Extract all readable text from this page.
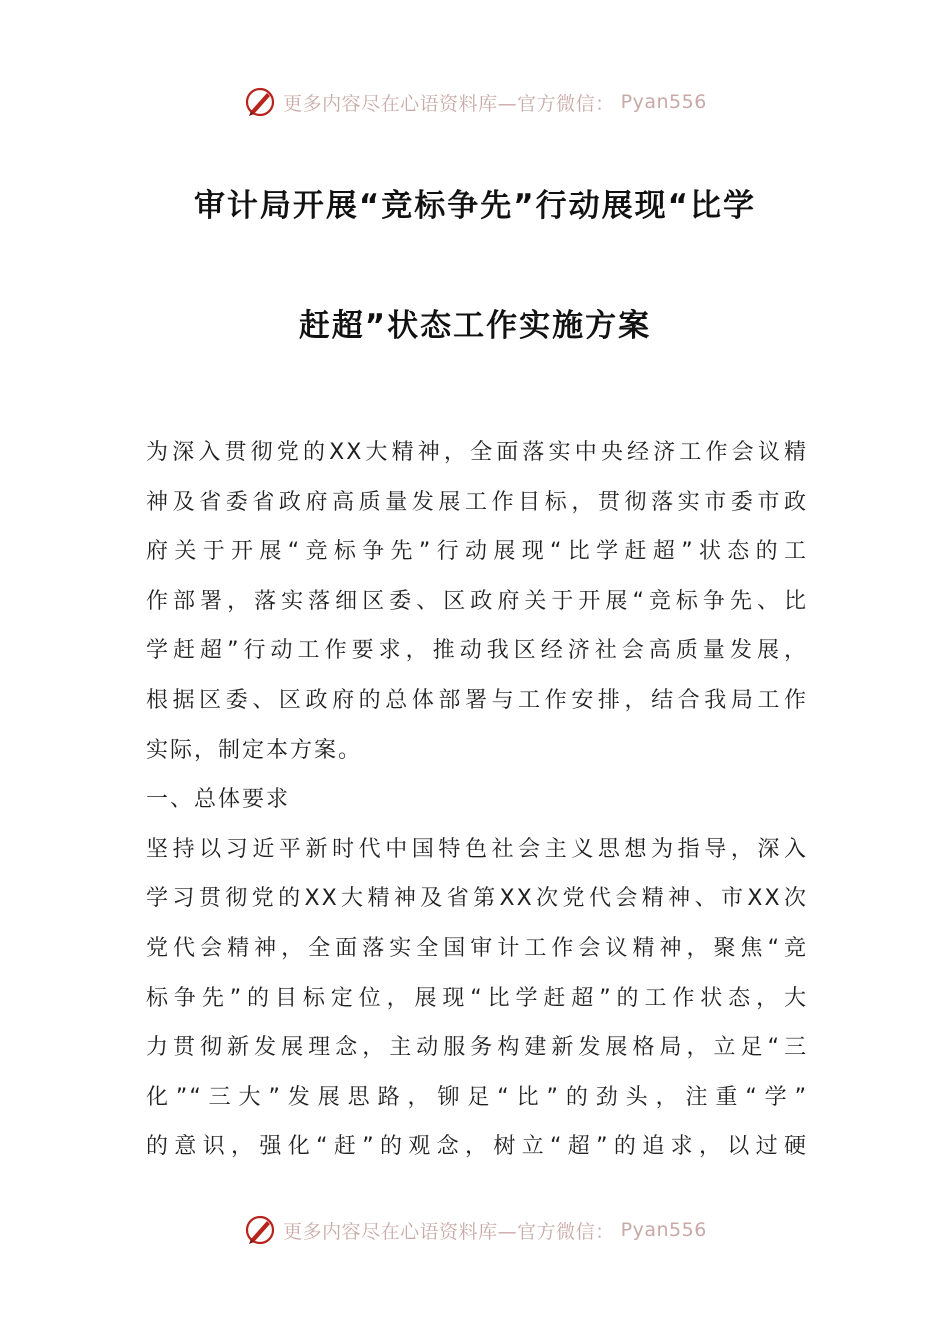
更多内容尽在心语资料库—官方微信： Pyan556
审计局开展“竞标争先”行动展现“比学
赶超”状态工作实施方案
为深入贯彻党的XX大精神，全面落实中央经济工作会议精
神及省委省政府高质量发展工作目标，贯彻落实市委市政
府关于开展“竞标争先”行动展现“比学赶超”状态的工
作部署，落实落细区委、区政府关于开展“竞标争先、比
学赶超”行动工作要求，推动我区经济社会高质量发展，
根据区委、区政府的总体部署与工作安排，结合我局工作
实际，制定本方案。
一、总体要求
坚持以习近平新时代中国特色社会主义思想为指导，深入
学习贯彻党的XX大精神及省第XX次党代会精神、市XX次
党代会精神，全面落实全国审计工作会议精神，聚焦“竞
标争先”的目标定位，展现“比学赶超”的工作状态，大
力贯彻新发展理念，主动服务构建新发展格局，立足“三
化”“三大”发展思路，铆足“比”的劲头，注重“学”
的意识，强化“赶”的观念，树立“超”的追求，以过硬
更多内容尽在心语资料库—官方微信： Pyan556
